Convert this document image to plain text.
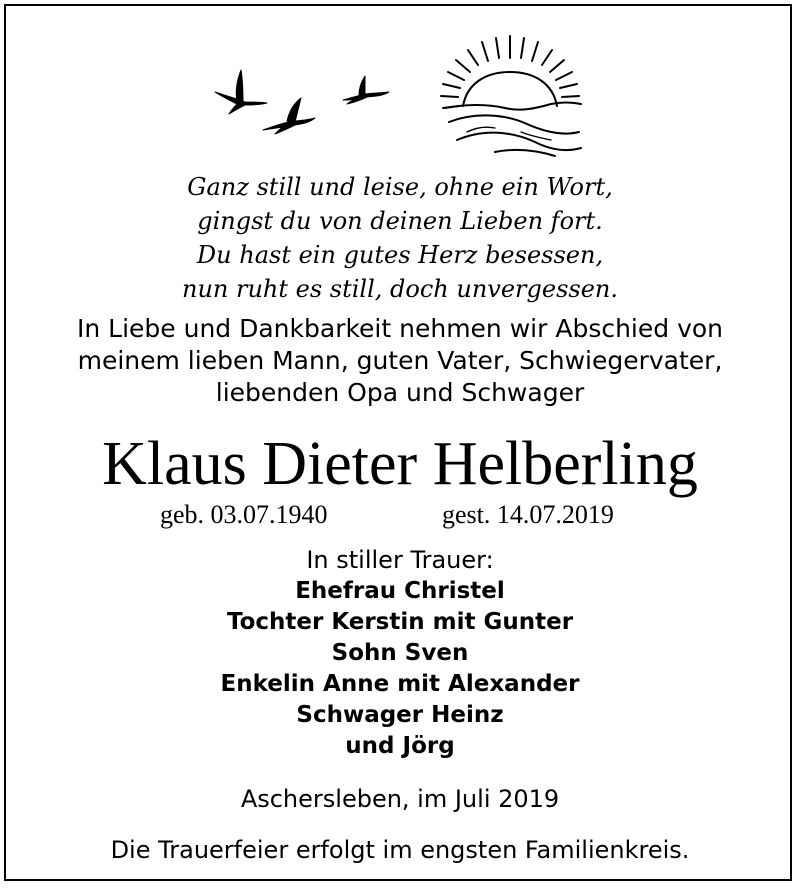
Ganz still und leise, ohne ein Wort,
gingst du von deinen Lieben fort.
Du hast ein gutes Herz besessen,
nun ruht es still, doch unvergessen.
In Liebe und Dankbarkeit nehmen wir Abschied von
meinem lieben Mann, guten Vater, Schwiegervater,
liebenden Opa und Schwager
Klaus Dieter Helberling
geb. 03.07.1940	gest. 14.07.2019
In stiller Trauer:
Ehefrau Christel
Tochter Kerstin mit Gunter
Sohn Sven
Enkelin Anne mit Alexander
Schwager Heinz
und Jörg
Aschersleben, im Juli 2019
Die Trauerfeier erfolgt im engsten Familienkreis.
